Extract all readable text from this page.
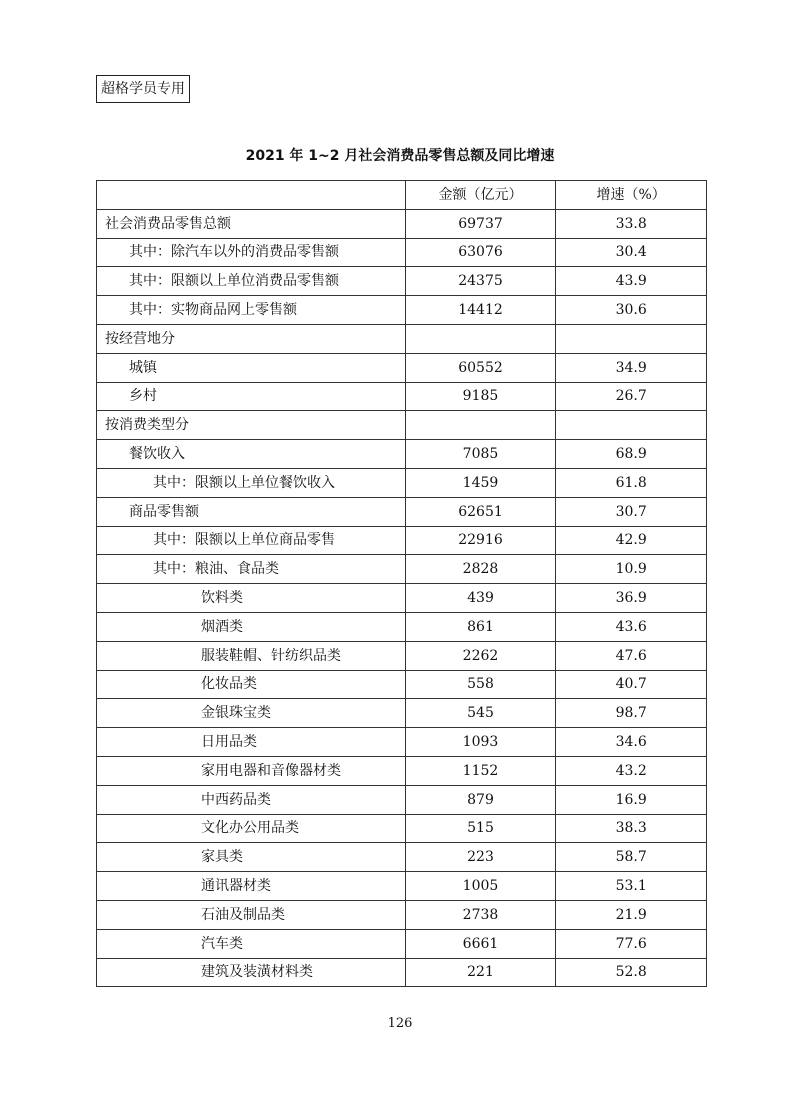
超格学员专用
2021 年 1~2 月社会消费品零售总额及同比增速
	金额（亿元）	增速（%）
社会消费品零售总额	69737	33.8
其中：除汽车以外的消费品零售额	63076	30.4
其中：限额以上单位消费品零售额	24375	43.9
其中：实物商品网上零售额	14412	30.6
按经营地分		
城镇	60552	34.9
乡村	9185	26.7
按消费类型分		
餐饮收入	7085	68.9
其中：限额以上单位餐饮收入	1459	61.8
商品零售额	62651	30.7
其中：限额以上单位商品零售	22916	42.9
其中：粮油、食品类	2828	10.9
饮料类	439	36.9
烟酒类	861	43.6
服装鞋帽、针纺织品类	2262	47.6
化妆品类	558	40.7
金银珠宝类	545	98.7
日用品类	1093	34.6
家用电器和音像器材类	1152	43.2
中西药品类	879	16.9
文化办公用品类	515	38.3
家具类	223	58.7
通讯器材类	1005	53.1
石油及制品类	2738	21.9
汽车类	6661	77.6
建筑及装潢材料类	221	52.8
126
